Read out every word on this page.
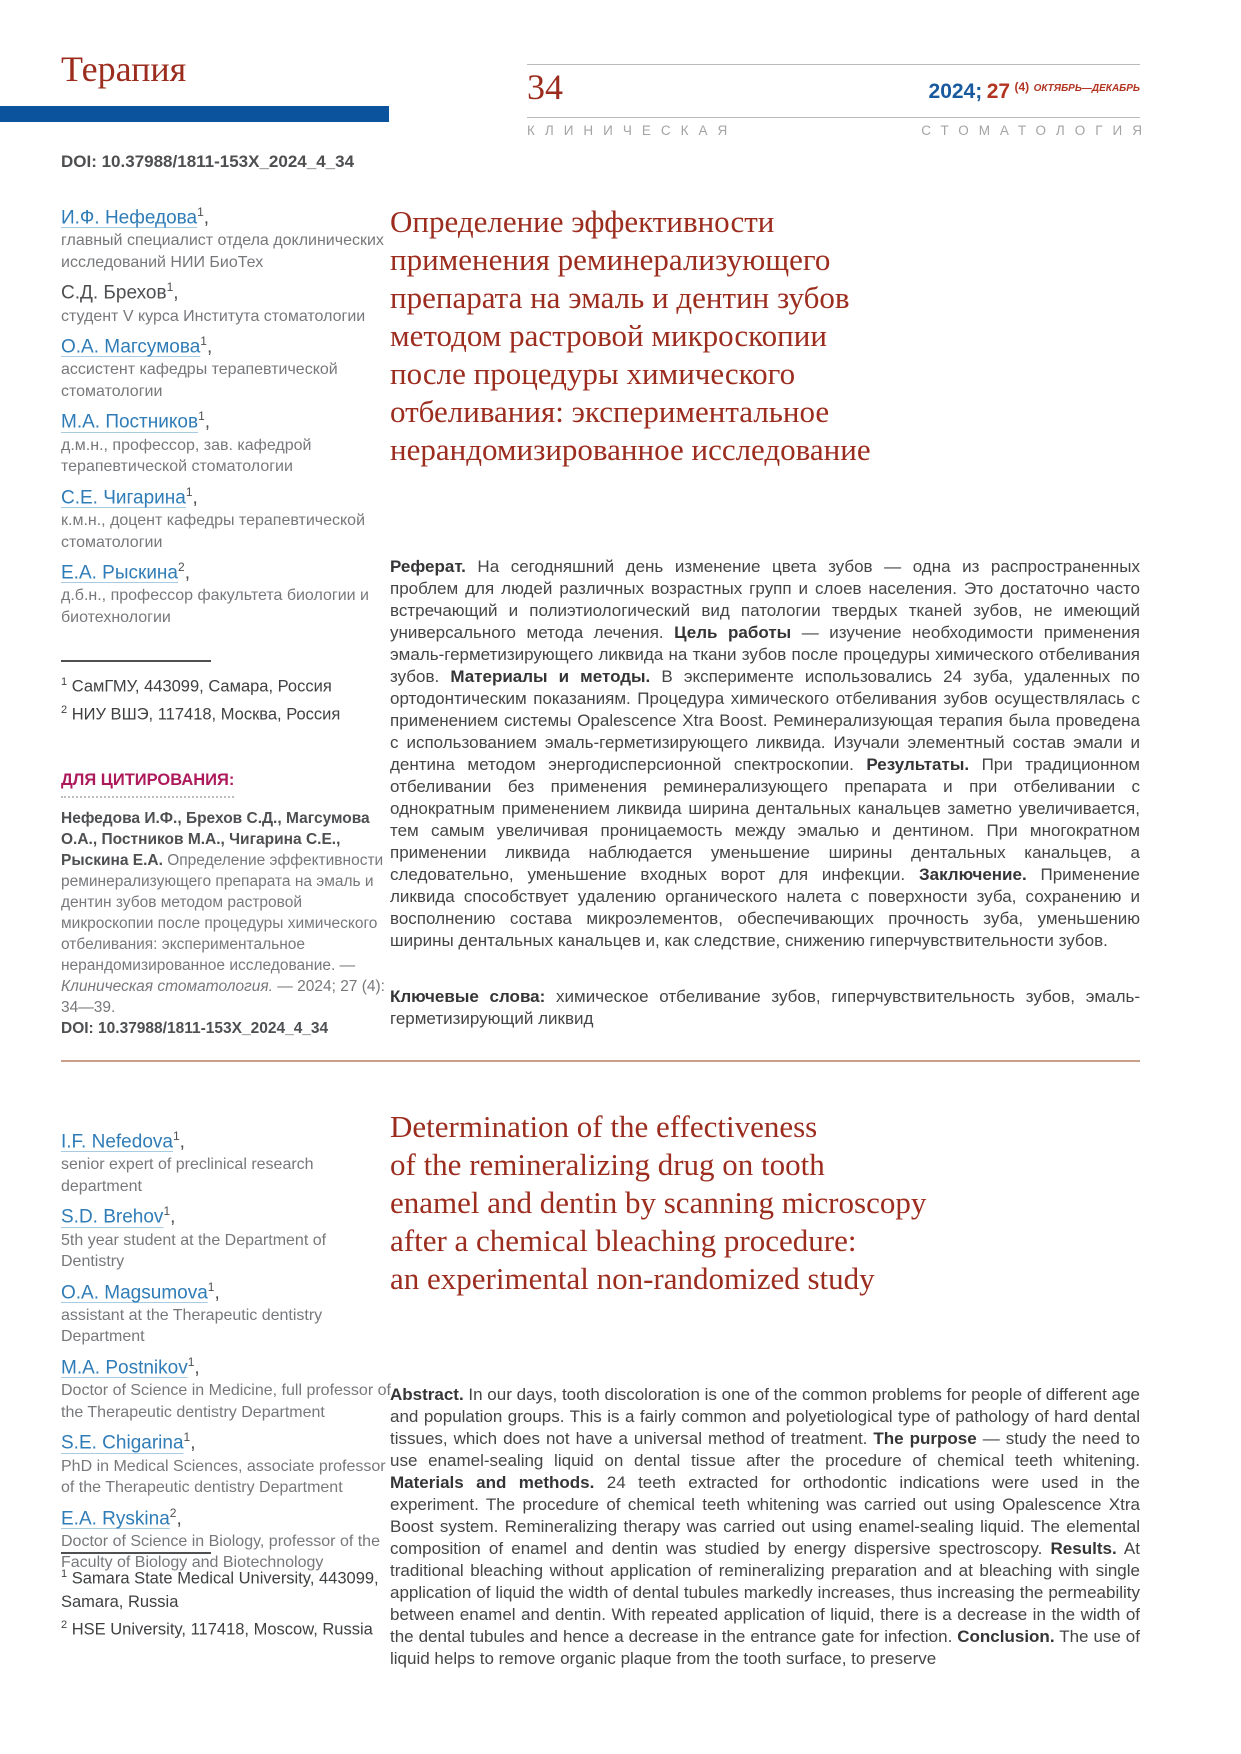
Терапия	34	2024; 27 $^{(4)}$ $^{ОКТЯБРЬ—ДЕКАБРЬ}$
КЛИНИЧЕСКАЯ	СТОМАТОЛОГИЯ
DOI: 10.37988/1811-153X_2024_4_34
И.Ф. Нефедова$^1$,
главный специалист отдела доклинических исследований НИИ БиоТех
С.Д. Брехов$^1$,
студент V курса Института стоматологии
О.А. Магсумова$^1$,
ассистент кафедры терапевтической стоматологии
М.А. Постников$^1$,
д.м.н., профессор, зав. кафедрой терапевтической стоматологии
С.Е. Чигарина$^1$,
к.м.н., доцент кафедры терапевтической стоматологии
Е.А. Рыскина$^2$,
д.б.н., профессор факультета биологии и биотехнологии
$^1$ СамГМУ, 443099, Самара, Россия
$^2$ НИУ ВШЭ, 117418, Москва, Россия
ДЛЯ ЦИТИРОВАНИЯ:
Нефедова И.Ф., Брехов С.Д., Магсумова О.А., Постников М.А., Чигарина С.Е., Рыскина Е.А. Определение эффективности реминерализующего препарата на эмаль и дентин зубов методом растровой микроскопии после процедуры химического отбеливания: экспериментальное нерандомизированное исследование. — Клиническая стоматология. — 2024; 27 (4): 34—39.
DOI: 10.37988/1811-153X_2024_4_34
Определение эффективности
применения реминерализующего
препарата на эмаль и дентин зубов
методом растровой микроскопии
после процедуры химического
отбеливания: экспериментальное
нерандомизированное исследование
Реферат. На сегодняшний день изменение цвета зубов — одна из распространенных проблем для людей различных возрастных групп и слоев населения. Это достаточно часто встречающий и полиэтиологический вид патологии твердых тканей зубов, не имеющий универсального метода лечения. Цель работы — изучение необходимости применения эмаль-герметизирующего ликвида на ткани зубов после процедуры химического отбеливания зубов. Материалы и методы. В эксперименте использовались 24 зуба, удаленных по ортодонтическим показаниям. Процедура химического отбеливания зубов осуществлялась с применением системы Opalescence Xtra Boost. Реминерализующая терапия была проведена с использованием эмаль-герметизирующего ликвида. Изучали элементный состав эмали и дентина методом энергодисперсионной спектроскопии. Результаты. При традиционном отбеливании без применения реминерализующего препарата и при отбеливании с однократным применением ликвида ширина дентальных канальцев заметно увеличивается, тем самым увеличивая проницаемость между эмалью и дентином. При многократном применении ликвида наблюдается уменьшение ширины дентальных канальцев, а следовательно, уменьшение входных ворот для инфекции. Заключение. Применение ликвида способствует удалению органического налета с поверхности зуба, сохранению и восполнению состава микроэлементов, обеспечивающих прочность зуба, уменьшению ширины дентальных канальцев и, как следствие, снижению гиперчувствительности зубов.
Ключевые слова: химическое отбеливание зубов, гиперчувствительность зубов, эмаль-герметизирующий ликвид
I.F. Nefedova$^1$,
senior expert of preclinical research department
S.D. Brehov$^1$,
5th year student at the Department of Dentistry
O.A. Magsumova$^1$,
assistant at the Therapeutic dentistry Department
M.A. Postnikov$^1$,
Doctor of Science in Medicine, full professor of the Therapeutic dentistry Department
S.E. Chigarina$^1$,
PhD in Medical Sciences, associate professor of the Therapeutic dentistry Department
E.A. Ryskina$^2$,
Doctor of Science in Biology, professor of the Faculty of Biology and Biotechnology
$^1$ Samara State Medical University, 443099, Samara, Russia
$^2$ HSE University, 117418, Moscow, Russia
Determination of the effectiveness
of the remineralizing drug on tooth
enamel and dentin by scanning microscopy
after a chemical bleaching procedure:
an experimental non-randomized study
Abstract. In our days, tooth discoloration is one of the common problems for people of different age and population groups. This is a fairly common and polyetiological type of pathology of hard dental tissues, which does not have a universal method of treatment. The purpose — study the need to use enamel-sealing liquid on dental tissue after the procedure of chemical teeth whitening. Materials and methods. 24 teeth extracted for orthodontic indications were used in the experiment. The procedure of chemical teeth whitening was carried out using Opalescence Xtra Boost system. Remineralizing therapy was carried out using enamel-sealing liquid. The elemental composition of enamel and dentin was studied by energy dispersive spectroscopy. Results. At traditional bleaching without application of remineralizing preparation and at bleaching with single application of liquid the width of dental tubules markedly increases, thus increasing the permeability between enamel and dentin. With repeated application of liquid, there is a decrease in the width of the dental tubules and hence a decrease in the entrance gate for infection. Conclusion. The use of liquid helps to remove organic plaque from the tooth surface, to preserve
